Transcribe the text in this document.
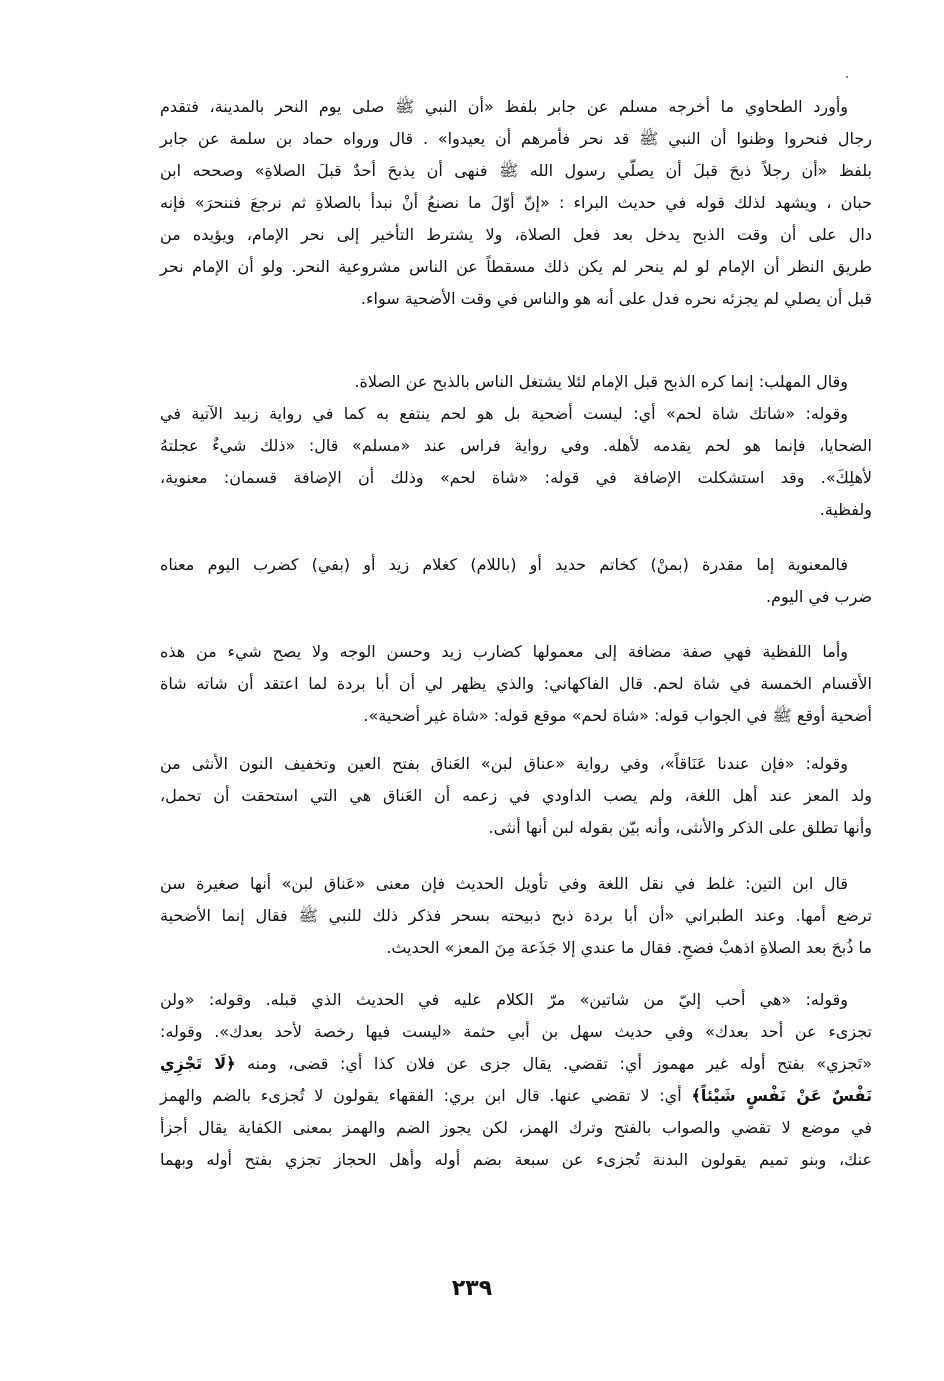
وأورد الطحاوي ما أخرجه مسلم عن جابر بلفظ «أن النبي ﷺ صلى يوم النحر بالمدينة، فتقدم
رجال فنحروا وظنوا أن النبي ﷺ قد نحر فأمرهم أن يعيدوا» . قال ورواه حماد بن سلمة عن جابر
بلفظ «أن رجلاً ذبحَ قبلَ أن يصلّي رسول الله ﷺ فنهى أن يذبحَ أحدٌ قبلَ الصلاةِ» وصححه ابن
حبان ، ويشهد لذلك قوله في حديث البراء : «إنّ أوّلَ ما نصنعُ أنْ نبدأ بالصلاةِ ثم نرجعَ فننحرَ» فإنه
دال على أن وقت الذبح يدخل بعد فعل الصلاة، ولا يشترط التأخير إلى نحر الإمام، ويؤيده من
طريق النظر أن الإمام لو لم ينحر لم يكن ذلك مسقطاً عن الناس مشروعية النحر. ولو أن الإمام نحر
قبل أن يصلي لم يجزئه نحره فدل على أنه هو والناس في وقت الأضحية سواء.
وقال المهلب: إنما كره الذبح قبل الإمام لئلا يشتغل الناس بالذبح عن الصلاة.
وقوله: «شاتك شاة لحم» أي: ليست أضحية بل هو لحم ينتفع به كما في رواية زبيد الآتية في
الضحايا، فإنما هو لحم يقدمه لأهله. وفي رواية فراس عند «مسلم» قال: «ذلك شيءٌ عجلتهُ
لأهلِكَ». وقد استشكلت الإضافة في قوله: «شاة لحم» وذلك أن الإضافة قسمان: معنوية،
ولفظية.
فالمعنوية إما مقدرة (بمنْ) كخاتم حديد أو (باللام) كغلام زيد أو (بفي) كضرب اليوم معناه
ضرب في اليوم.
وأما اللفظية فهي صفة مضافة إلى معمولها كضارب زيد وحسن الوجه ولا يصح شيء من هذه
الأقسام الخمسة في شاة لحم. قال الفاكهاني: والذي يظهر لي أن أبا بردة لما اعتقد أن شاته شاة
أضحية أوقع ﷺ في الجواب قوله: «شاة لحم» موقع قوله: «شاة غير أضحية».
وقوله: «فإن عندنا عَنَاقاً»، وفي رواية «عناق لبن» العَناق بفتح العين وتخفيف النون الأنثى من
ولد المعز عند أهل اللغة، ولم يصب الداودي في زعمه أن العَناق هي التي استحقت أن تحمل،
وأنها تطلق على الذكر والأنثى، وأنه بيّن بقوله لبن أنها أنثى.
قال ابن التين: غلط في نقل اللغة وفي تأويل الحديث فإن معنى «عَناق لبن» أنها صغيرة سن
ترضع أمها. وعند الطبراني «أن أبا بردة ذبح ذبيحته بسحر فذكر ذلك للنبي ﷺ فقال إنما الأضحية
ما ذُبحَ بعد الصلاةِ اذهبْ فضحِ. فقال ما عندي إلا جَذَعة مِنَ المعز» الحديث.
وقوله: «هي أحب إليّ من شاتين» مرّ الكلام عليه في الحديث الذي قبله. وقوله: «ولن
تجزىء عن أحد بعدك» وفي حديث سهل بن أبي حثمة «ليست فيها رخصة لأحد بعدك». وقوله:
«تَجزي» بفتح أوله غير مهموز أي: تقضي. يقال جزى عن فلان كذا أي: قضى، ومنه ﴿لَا تَجْزِي
نَفْسٌ عَنْ نَفْسٍ شَيْئاً﴾ أي: لا تقضي عنها. قال ابن بري: الفقهاء يقولون لا تُجزىء بالضم والهمز
في موضع لا تقضي والصواب بالفتح وترك الهمز، لكن يجوز الضم والهمز بمعنى الكفاية يقال أجزأ
عنك، وبنو تميم يقولون البدنة تُجزىء عن سبعة بضم أوله وأهل الحجاز تجزي بفتح أوله وبهما
٢٣٩
